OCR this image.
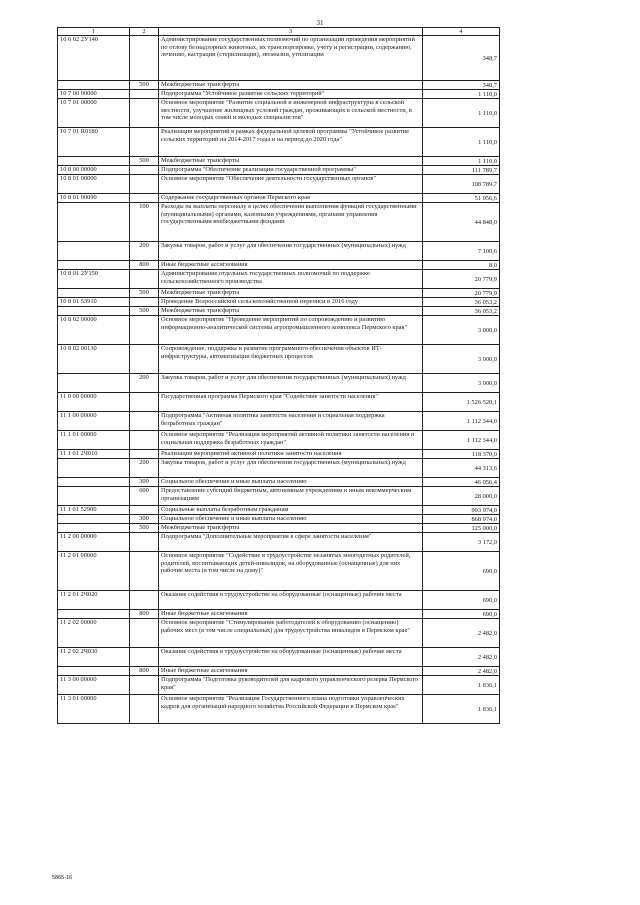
31
1	2	3	4
10 6 02 2У140		Администрирование государственных полномочий по организации проведения мероприятий по отлову безнадзорных животных, их транспортировке, учету и регистрации, содержанию, лечению, кастрации (стерилизации), эвтаназии, утилизации	348,7
	500	Межбюджетные трансферты	348,7
10 7 00 00000		Подпрограмма "Устойчивое развитие сельских территорий"	1 110,0
10 7 01 00000		Основное мероприятие "Развитие социальной и инженерной инфраструктуры в сельской местности, улучшение жилищных условий граждан, проживающих в сельской местности, в том числе молодых семей и молодых специалистов"	1 110,0
10 7 01 R0180		Реализация мероприятий в рамках федеральной целевой программы "Устойчивое развитие сельских территорий на 2014-2017 годы и на период до 2020 года"	1 110,0
	500	Межбюджетные трансферты	1 110,0
10 8 00 00000		Подпрограмма "Обеспечение реализации государственной программы"	111 789,7
10 8 01 00000		Основное мероприятие "Обеспечение деятельности государственных органов"	108 789,7
10 8 01 00090		Содержание государственных органов Пермского края	51 956,6
	100	Расходы на выплаты персоналу в целях обеспечения выполнения функций государственными (муниципальными) органами, казенными учреждениями, органами управления государственными внебюджетными фондами	44 848,0
	200	Закупка товаров, работ и услуг для обеспечения государственных (муниципальных) нужд	7 100,6
	800	Иные бюджетные ассигнования	8,0
10 8 01 2У150		Администрирование отдельных государственных полномочий по поддержке сельскохозяйственного производства	20 779,9
	500	Межбюджетные трансферты	20 779,9
10 8 01 53910		Проведение Всероссийской сельскохозяйственной переписи в 2016 году	36 053,2
	500	Межбюджетные трансферты	36 053,2
10 8 02 00000		Основное мероприятие "Проведение мероприятий по сопровождению и развитию информационно-аналитической системы агропромышленного комплекса Пермского края"	3 000,0
10 8 02 00130		Сопровождение, поддержка и развитие программного обеспечения объектов ИТ-инфраструктуры, автоматизации бюджетных процессов	3 000,0
	200	Закупка товаров, работ и услуг для обеспечения государственных (муниципальных) нужд	3 000,0
11 0 00 00000		Государственная программа Пермского края "Содействие занятости населения"	1 526 520,1
11 1 00 00000		Подпрограмма "Активная политика занятости населения и социальная поддержка безработных граждан"	1 112 344,0
11 1 01 00000		Основное мероприятие "Реализация мероприятий активной политики занятости населения и социальная поддержка безработных граждан"	1 112 344,0
11 1 01 2Ч010		Реализация мероприятий активной политики занятости населения	118 370,0
	200	Закупка товаров, работ и услуг для обеспечения государственных (муниципальных) нужд	44 313,6
	300	Социальное обеспечение и иные выплаты населению	46 056,4
	600	Предоставление субсидий бюджетным, автономным учреждениям и иным некоммерческим организациям	28 000,0
11 1 01 52900		Социальные выплаты безработным гражданам	993 974,0
	300	Социальное обеспечение и иные выплаты населению	868 974,0
	500	Межбюджетные трансферты	125 000,0
11 2 00 00000		Подпрограмма "Дополнительные мероприятия в сфере занятости населения"	3 172,0
11 2 01 00000		Основное мероприятие "Содействие в трудоустройстве незанятых многодетных родителей, родителей, воспитывающих детей-инвалидов, на оборудованные (оснащенные) для них рабочие места (в том числе на дому)"	690,0
11 2 01 2Ч020		Оказание содействия в трудоустройстве на оборудованные (оснащенные) рабочие места	690,0
	800	Иные бюджетные ассигнования	690,0
11 2 02 00000		Основное мероприятие "Стимулирование работодателей к оборудованию (оснащению) рабочих мест (в том числе специальных) для трудоустройства инвалидов в Пермском крае"	2 482,0
11 2 02 2Ч030		Оказание содействия в трудоустройстве на оборудованные (оснащенные) рабочие места	2 482,0
	800	Иные бюджетные ассигнования	2 482,0
11 3 00 00000		Подпрограмма "Подготовка руководителей для кадрового управленческого резерва Пермского края"	1 836,1
11 3 01 00000		Основное мероприятие "Реализация Государственного плана подготовки управленческих кадров для организаций народного хозяйства Российской Федерации в Пермском крае"	1 836,1
5865-16
